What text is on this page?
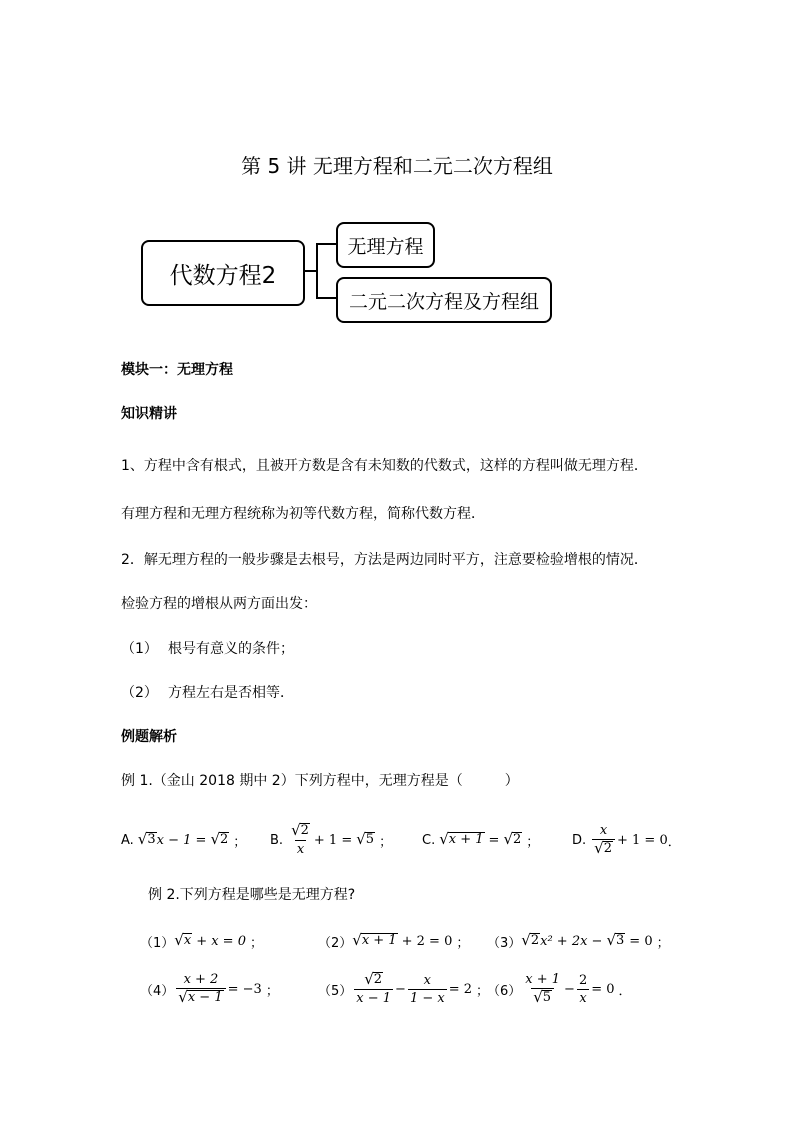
第 5 讲 无理方程和二元二次方程组
代数方程2
无理方程
二元二次方程及方程组
模块一：无理方程
知识精讲
1、方程中含有根式，且被开方数是含有未知数的代数式，这样的方程叫做无理方程．
有理方程和无理方程统称为初等代数方程，简称代数方程．
2．解无理方程的一般步骤是去根号，方法是两边同时平方，注意要检验增根的情况．
检验方程的增根从两方面出发：
（1） 根号有意义的条件；
（2） 方程左右是否相等．
例题解析
例 1.（金山 2018 期中 2）下列方程中，无理方程是（　　　）
A. √ 3 x − 1 = √ 2 ； B. $\frac{√ 2}{x} + 1$ = √ 5 ； C. √ x + 1 = √ 2 ；	D. $\frac{x}{√ 2} + 1 = 0$ ．
例 2.下列方程是哪些是无理方程?
（1） √ x + x = 0 ；	（2） √ x + 1 + 2 = 0 ； （3） √ 2 x² + 2x − √ 3 = 0 ；
$(4) \frac{x + 2}{√ x - 1} = -3$ ；	$(5) \frac{√ 2}{x - 1} - \frac{x}{1 - x} = 2$ ；
$(6) \frac{x + 1}{√ 5} - \frac{2}{x} = 0$ ．
